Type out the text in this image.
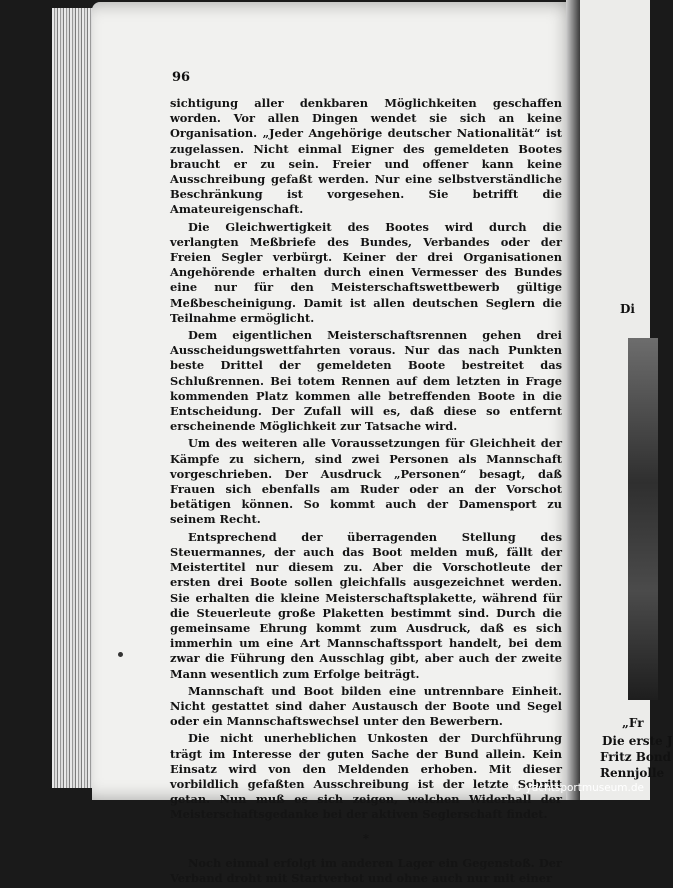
Di
„Fr
Die erste J
Fritz Bond
Rennjolle
96

sichtigung aller denkbaren Möglichkeiten geschaffen worden. Vor allen Dingen wendet sie sich an keine Organisation. „Jeder Angehörige deutscher Nationalität“ ist zugelassen. Nicht einmal Eigner des gemeldeten Bootes braucht er zu sein. Freier und offener kann keine Ausschreibung gefaßt werden. Nur eine selbstverständliche Beschränkung ist vorgesehen. Sie betrifft die Amateureigenschaft.

Die Gleichwertigkeit des Bootes wird durch die verlangten Meßbriefe des Bundes, Verbandes oder der Freien Segler verbürgt. Keiner der drei Organisationen Angehörende erhalten durch einen Vermesser des Bundes eine nur für den Meisterschaftswettbewerb gültige Meßbescheinigung. Damit ist allen deutschen Seglern die Teilnahme ermöglicht.

Dem eigentlichen Meisterschaftsrennen gehen drei Ausscheidungswettfahrten voraus. Nur das nach Punkten beste Drittel der gemeldeten Boote bestreitet das Schlußrennen. Bei totem Rennen auf dem letzten in Frage kommenden Platz kommen alle betreffenden Boote in die Entscheidung. Der Zufall will es, daß diese so entfernt erscheinende Möglichkeit zur Tatsache wird.

Um des weiteren alle Voraussetzungen für Gleichheit der Kämpfe zu sichern, sind zwei Personen als Mannschaft vorgeschrieben. Der Ausdruck „Personen“ besagt, daß Frauen sich ebenfalls am Ruder oder an der Vorschot betätigen können. So kommt auch der Damensport zu seinem Recht.

Entsprechend der überragenden Stellung des Steuermannes, der auch das Boot melden muß, fällt der Meistertitel nur diesem zu. Aber die Vorschotleute der ersten drei Boote sollen gleichfalls ausgezeichnet werden. Sie erhalten die kleine Meisterschaftsplakette, während für die Steuerleute große Plaketten bestimmt sind. Durch die gemeinsame Ehrung kommt zum Ausdruck, daß es sich immerhin um eine Art Mannschaftssport handelt, bei dem zwar die Führung den Ausschlag gibt, aber auch der zweite Mann wesentlich zum Erfolge beiträgt.

Mannschaft und Boot bilden eine untrennbare Einheit. Nicht gestattet sind daher Austausch der Boote und Segel oder ein Mannschaftswechsel unter den Bewerbern.

Die nicht unerheblichen Unkosten der Durchführung trägt im Interesse der guten Sache der Bund allein. Kein Einsatz wird von den Meldenden erhoben. Mit dieser vorbildlich gefaßten Ausschreibung ist der letzte Schritt getan. Nun muß es sich zeigen, welchen Widerhall der Meisterschaftsgedanke bei der aktiven Seglerschaft findet.

*

Noch einmal erfolgt im anderen Lager ein Gegenstoß. Der Verband droht mit Startverbot und ohne auch nur mit einer

© yachtsportmuseum.de
